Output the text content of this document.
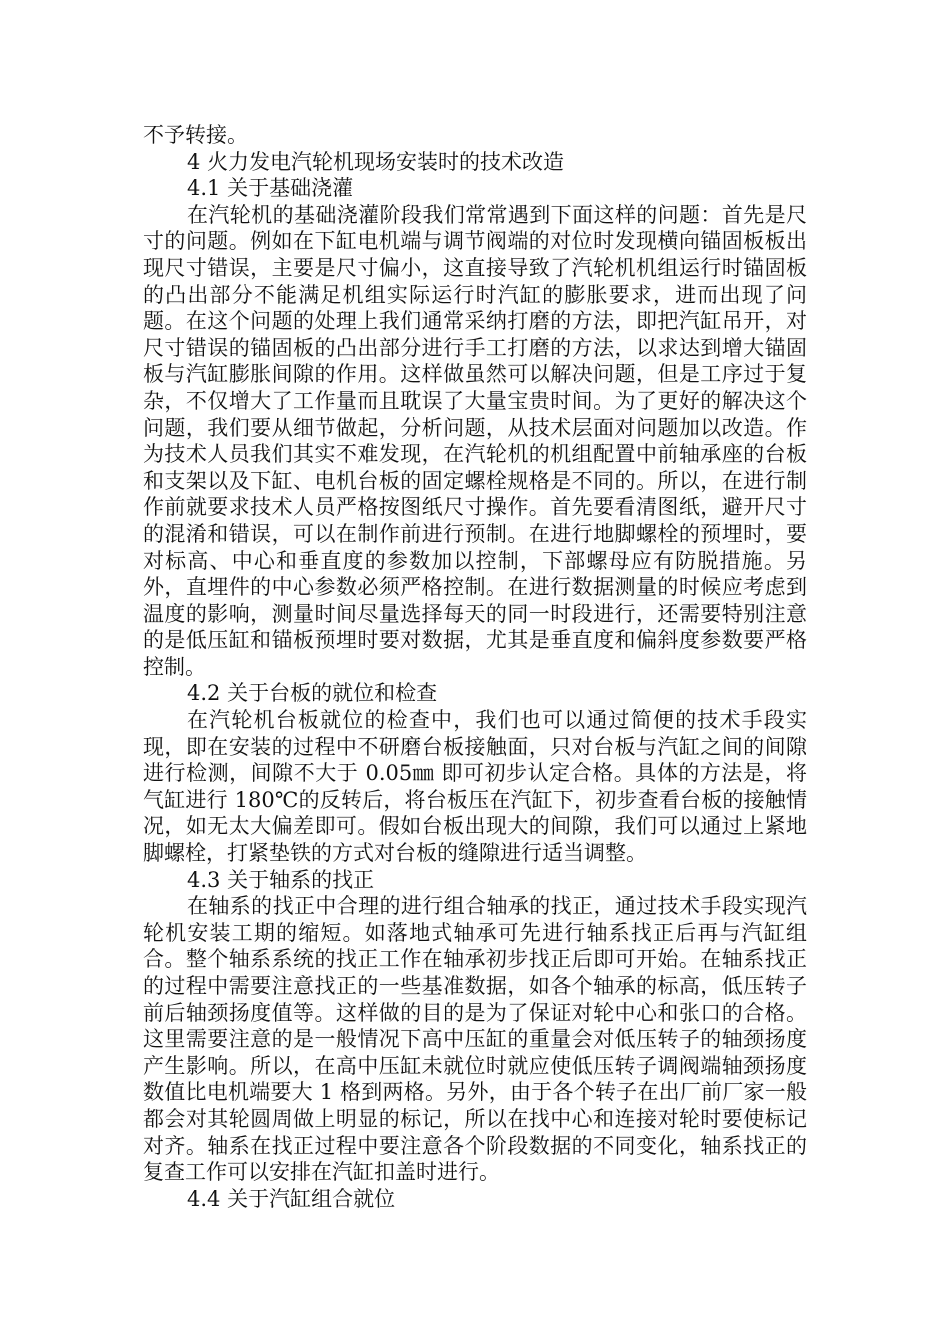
不予转接。

4 火力发电汽轮机现场安装时的技术改造

4.1 关于基础浇灌

在汽轮机的基础浇灌阶段我们常常遇到下面这样的问题：首先是尺寸的问题。例如在下缸电机端与调节阀端的对位时发现横向锚固板板出现尺寸错误，主要是尺寸偏小，这直接导致了汽轮机机组运行时锚固板的凸出部分不能满足机组实际运行时汽缸的膨胀要求，进而出现了问题。在这个问题的处理上我们通常采纳打磨的方法，即把汽缸吊开，对尺寸错误的锚固板的凸出部分进行手工打磨的方法，以求达到增大锚固板与汽缸膨胀间隙的作用。这样做虽然可以解决问题，但是工序过于复杂，不仅增大了工作量而且耽误了大量宝贵时间。为了更好的解决这个问题，我们要从细节做起，分析问题，从技术层面对问题加以改造。作为技术人员我们其实不难发现，在汽轮机的机组配置中前轴承座的台板和支架以及下缸、电机台板的固定螺栓规格是不同的。所以，在进行制作前就要求技术人员严格按图纸尺寸操作。首先要看清图纸，避开尺寸的混淆和错误，可以在制作前进行预制。在进行地脚螺栓的预埋时，要对标高、中心和垂直度的参数加以控制，下部螺母应有防脱措施。另外，直埋件的中心参数必须严格控制。在进行数据测量的时候应考虑到温度的影响，测量时间尽量选择每天的同一时段进行，还需要特别注意的是低压缸和锚板预埋时要对数据，尤其是垂直度和偏斜度参数要严格控制。

4.2 关于台板的就位和检查

在汽轮机台板就位的检查中，我们也可以通过简便的技术手段实现，即在安装的过程中不研磨台板接触面，只对台板与汽缸之间的间隙进行检测，间隙不大于 0.05㎜ 即可初步认定合格。具体的方法是，将气缸进行 180℃的反转后，将台板压在汽缸下，初步查看台板的接触情况，如无太大偏差即可。假如台板出现大的间隙，我们可以通过上紧地脚螺栓，打紧垫铁的方式对台板的缝隙进行适当调整。

4.3 关于轴系的找正

在轴系的找正中合理的进行组合轴承的找正，通过技术手段实现汽轮机安装工期的缩短。如落地式轴承可先进行轴系找正后再与汽缸组合。整个轴系系统的找正工作在轴承初步找正后即可开始。在轴系找正的过程中需要注意找正的一些基准数据，如各个轴承的标高，低压转子前后轴颈扬度值等。这样做的目的是为了保证对轮中心和张口的合格。这里需要注意的是一般情况下高中压缸的重量会对低压转子的轴颈扬度产生影响。所以，在高中压缸未就位时就应使低压转子调阀端轴颈扬度数值比电机端要大 1 格到两格。另外，由于各个转子在出厂前厂家一般都会对其轮圆周做上明显的标记，所以在找中心和连接对轮时要使标记对齐。轴系在找正过程中要注意各个阶段数据的不同变化，轴系找正的复查工作可以安排在汽缸扣盖时进行。

4.4 关于汽缸组合就位
